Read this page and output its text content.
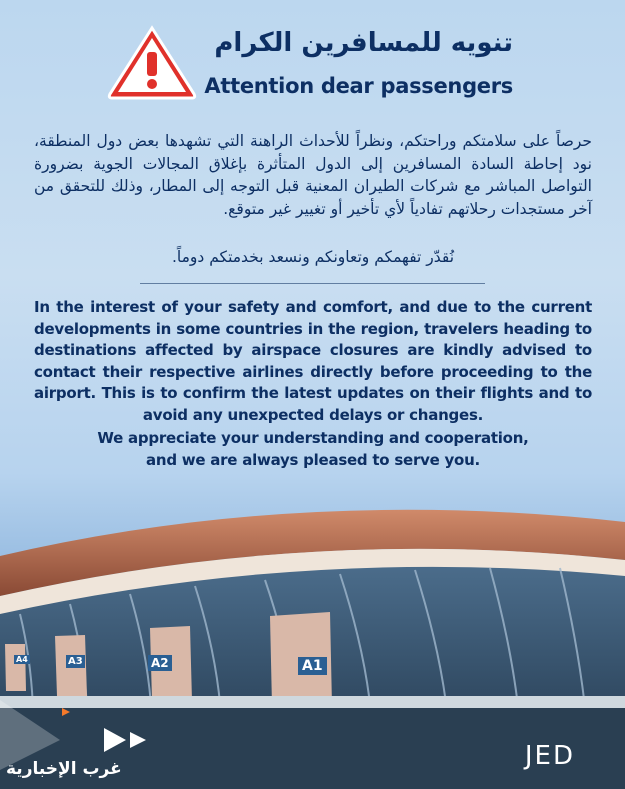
تنويه للمسافرين الكرام
Attention dear passengers
حرصاً على سلامتكم وراحتكم، ونظراً للأحداث الراهنة التي تشهدها بعض دول المنطقة، نود إحاطة السادة المسافرين إلى الدول المتأثرة بإغلاق المجالات الجوية بضرورة التواصل المباشر مع شركات الطيران المعنية قبل التوجه إلى المطار، وذلك للتحقق من آخر مستجدات رحلاتهم تفادياً لأي تأخير أو تغيير غير متوقع.
نُقدّر تفهمكم وتعاونكم ونسعد بخدمتكم دوماً.
In the interest of your safety and comfort, and due to the current developments in some countries in the region, travelers heading to destinations affected by airspace closures are kindly advised to contact their respective airlines directly before proceeding to the airport. This is to confirm the latest updates on their flights and to avoid any unexpected delays or changes.
We appreciate your understanding and cooperation,
and we are always pleased to serve you.
A1
A2
A3
A4
غرب الإخبارية	JED
